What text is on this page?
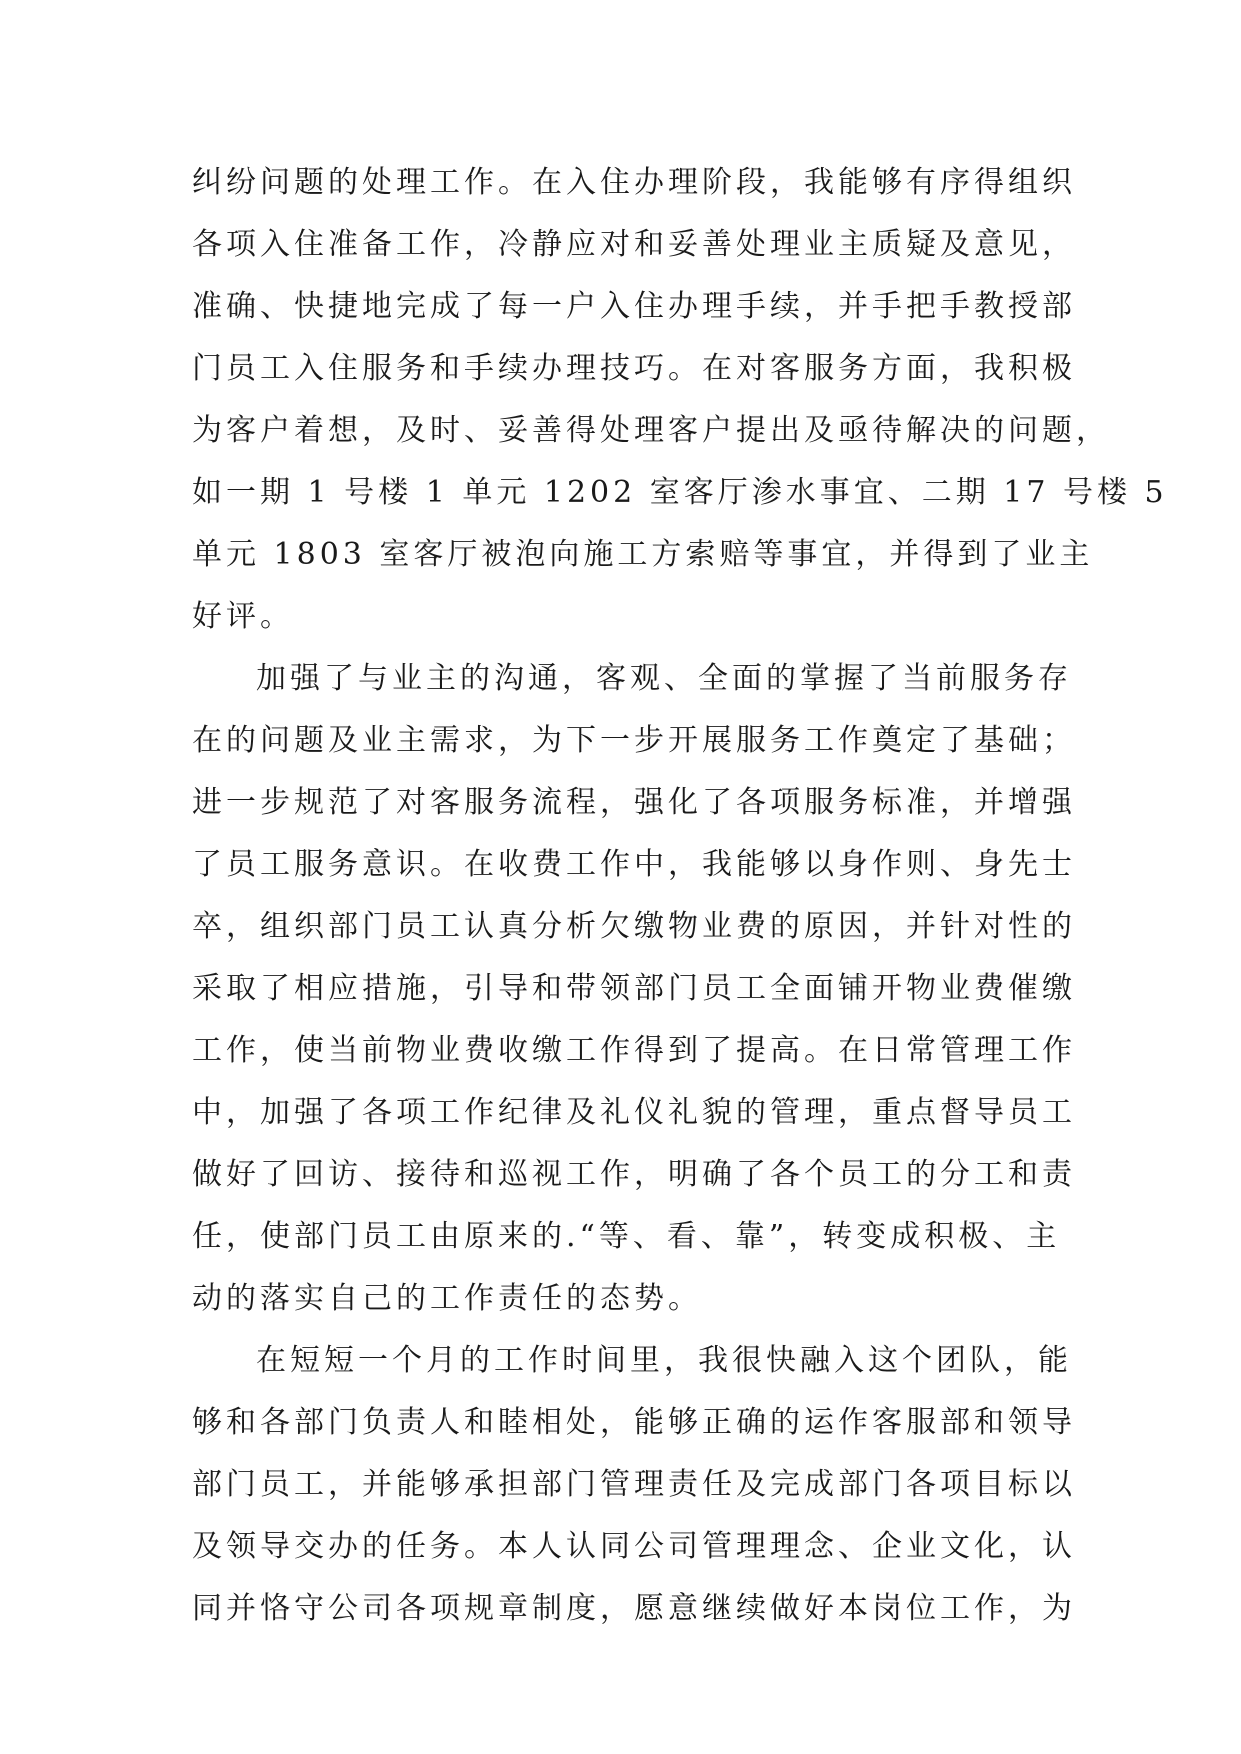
纠纷问题的处理工作。在入住办理阶段，我能够有序得组织
各项入住准备工作，冷静应对和妥善处理业主质疑及意见，
准确、快捷地完成了每一户入住办理手续，并手把手教授部
门员工入住服务和手续办理技巧。在对客服务方面，我积极
为客户着想，及时、妥善得处理客户提出及亟待解决的问题，
如一期 1 号楼 1 单元 1202 室客厅渗水事宜、二期 17 号楼 5
单元 1803 室客厅被泡向施工方索赔等事宜，并得到了业主
好评。
加强了与业主的沟通，客观、全面的掌握了当前服务存
在的问题及业主需求，为下一步开展服务工作奠定了基础；
进一步规范了对客服务流程，强化了各项服务标准，并增强
了员工服务意识。在收费工作中，我能够以身作则、身先士
卒，组织部门员工认真分析欠缴物业费的原因，并针对性的
采取了相应措施，引导和带领部门员工全面铺开物业费催缴
工作，使当前物业费收缴工作得到了提高。在日常管理工作
中，加强了各项工作纪律及礼仪礼貌的管理，重点督导员工
做好了回访、接待和巡视工作，明确了各个员工的分工和责
任，使部门员工由原来的.“等、看、靠”，转变成积极、主
动的落实自己的工作责任的态势。
在短短一个月的工作时间里，我很快融入这个团队，能
够和各部门负责人和睦相处，能够正确的运作客服部和领导
部门员工，并能够承担部门管理责任及完成部门各项目标以
及领导交办的任务。本人认同公司管理理念、企业文化，认
同并恪守公司各项规章制度，愿意继续做好本岗位工作，为
